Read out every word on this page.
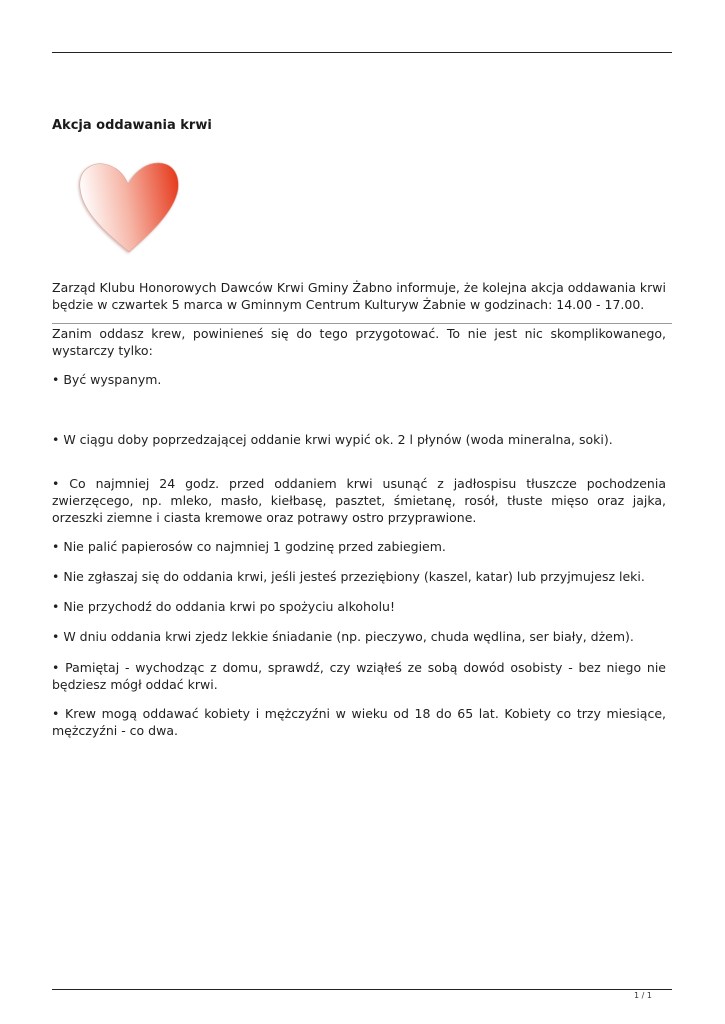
Akcja oddawania krwi

Zarząd Klubu Honorowych Dawców Krwi Gminy Żabno informuje, że kolejna akcja oddawania krwi będzie w czwartek 5 marca w Gminnym Centrum Kulturyw Żabnie w godzinach: 14.00 - 17.00.

Zanim oddasz krew, powinieneś się do tego przygotować. To nie jest nic skomplikowanego, wystarczy tylko:

• Być wyspanym.

• W ciągu doby poprzedzającej oddanie krwi wypić ok. 2 l płynów (woda mineralna, soki).

• Co najmniej 24 godz. przed oddaniem krwi usunąć z jadłospisu tłuszcze pochodzenia zwierzęcego, np. mleko, masło, kiełbasę, pasztet, śmietanę, rosół, tłuste mięso oraz jajka, orzeszki ziemne i ciasta kremowe oraz potrawy ostro przyprawione.

• Nie palić papierosów co najmniej 1 godzinę przed zabiegiem.

• Nie zgłaszaj się do oddania krwi, jeśli jesteś przeziębiony (kaszel, katar) lub przyjmujesz leki.

• Nie przychodź do oddania krwi po spożyciu alkoholu!

• W dniu oddania krwi zjedz lekkie śniadanie (np. pieczywo, chuda wędlina, ser biały, dżem).

• Pamiętaj - wychodząc z domu, sprawdź, czy wziąłeś ze sobą dowód osobisty - bez niego nie będziesz mógł oddać krwi.

• Krew mogą oddawać kobiety i mężczyźni w wieku od 18 do 65 lat. Kobiety co trzy miesiące, mężczyźni - co dwa.

1 / 1
